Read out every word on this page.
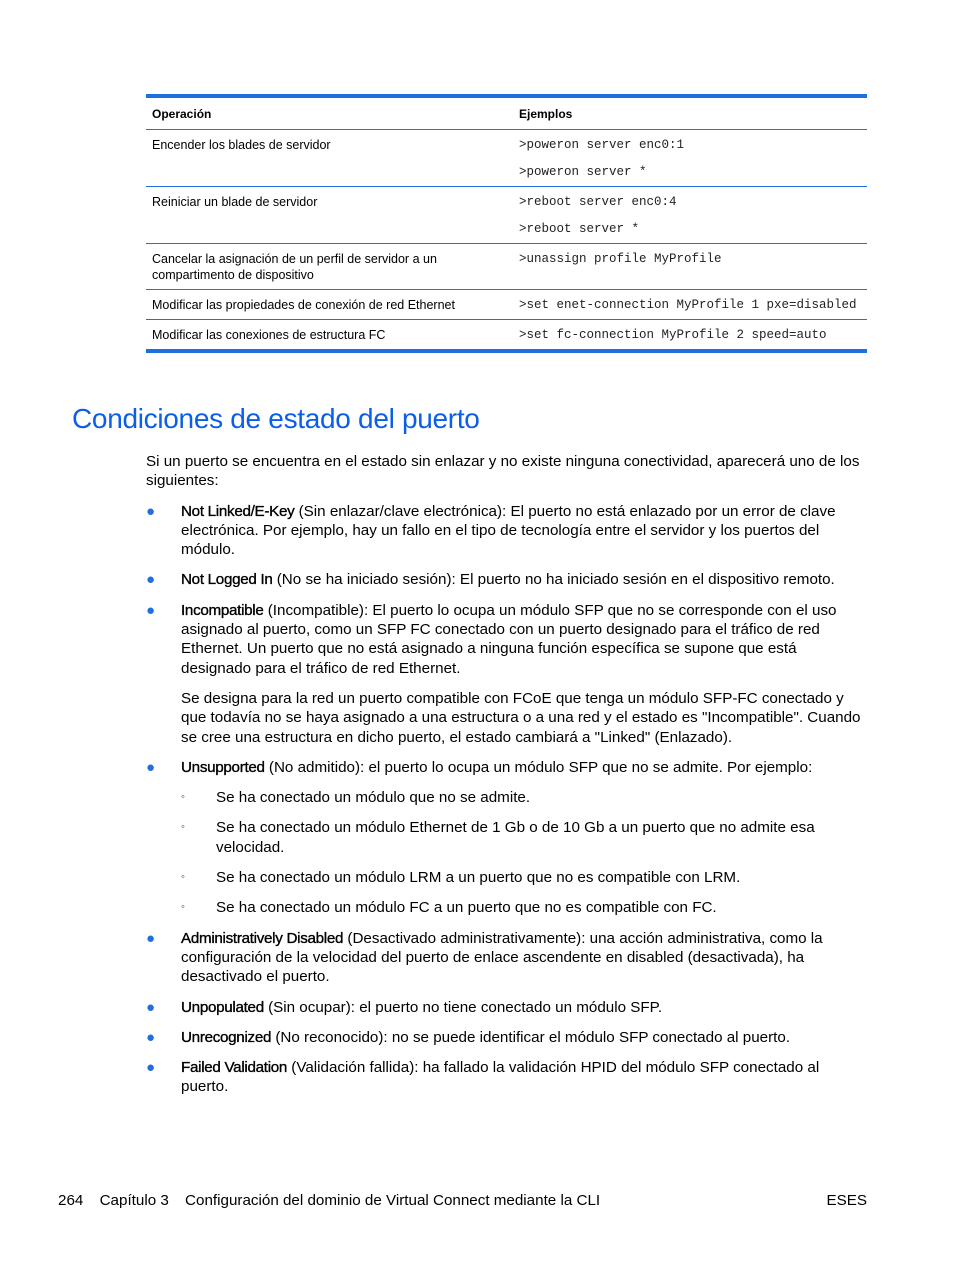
Operación	Ejemplos
Encender los blades de servidor	>poweron server enc0:1
>poweron server *

Reiniciar un blade de servidor	>reboot server enc0:4
>reboot server *

Cancelar la asignación de un perfil de servidor a un compartimento de dispositivo	>unassign profile MyProfile

Modificar las propiedades de conexión de red Ethernet	>set enet-connection MyProfile 1 pxe=disabled

Modificar las conexiones de estructura FC	>set fc-connection MyProfile 2 speed=auto
Condiciones de estado del puerto

Si un puerto se encuentra en el estado sin enlazar y no existe ninguna conectividad, aparecerá uno de los siguientes:

● Not Linked/E-Key (Sin enlazar/clave electrónica): El puerto no está enlazado por un error de clave electrónica. Por ejemplo, hay un fallo en el tipo de tecnología entre el servidor y los puertos del módulo.
● Not Logged In (No se ha iniciado sesión): El puerto no ha iniciado sesión en el dispositivo remoto.
● Incompatible (Incompatible): El puerto lo ocupa un módulo SFP que no se corresponde con el uso asignado al puerto, como un SFP FC conectado con un puerto designado para el tráfico de red Ethernet. Un puerto que no está asignado a ninguna función específica se supone que está designado para el tráfico de red Ethernet.

Se designa para la red un puerto compatible con FCoE que tenga un módulo SFP-FC conectado y que todavía no se haya asignado a una estructura o a una red y el estado es "Incompatible". Cuando se cree una estructura en dicho puerto, el estado cambiará a "Linked" (Enlazado).

● Unsupported (No admitido): el puerto lo ocupa un módulo SFP que no se admite. Por ejemplo:
◦ Se ha conectado un módulo que no se admite.
◦ Se ha conectado un módulo Ethernet de 1 Gb o de 10 Gb a un puerto que no admite esa velocidad.
◦ Se ha conectado un módulo LRM a un puerto que no es compatible con LRM.
◦ Se ha conectado un módulo FC a un puerto que no es compatible con FC.
● Administratively Disabled (Desactivado administrativamente): una acción administrativa, como la configuración de la velocidad del puerto de enlace ascendente en disabled (desactivada), ha desactivado el puerto.
● Unpopulated (Sin ocupar): el puerto no tiene conectado un módulo SFP.
● Unrecognized (No reconocido): no se puede identificar el módulo SFP conectado al puerto.
● Failed Validation (Validación fallida): ha fallado la validación HPID del módulo SFP conectado al puerto.
264 Capítulo 3 Configuración del dominio de Virtual Connect mediante la CLI	ESES
